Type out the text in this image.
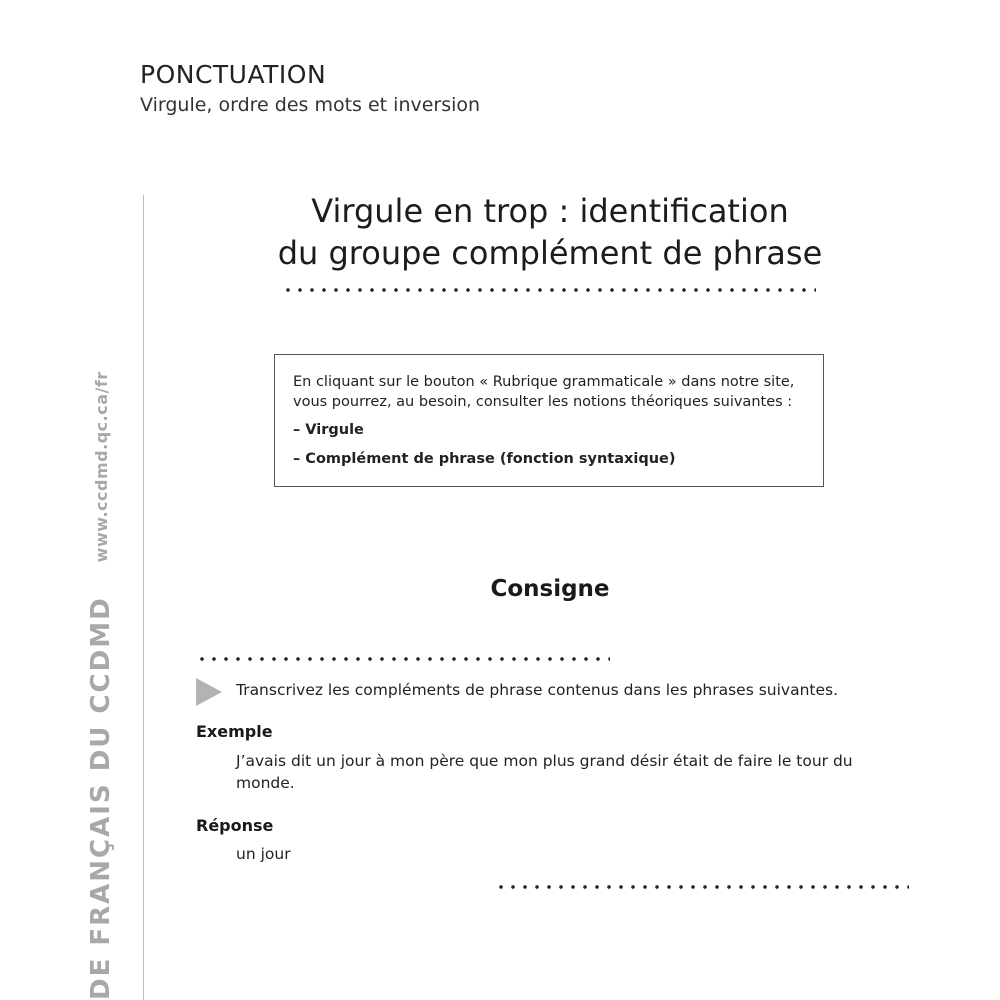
PONCTUATION
Virgule, ordre des mots et inversion
DE FRANÇAIS DU CCDMDwww.ccdmd.qc.ca/fr
Virgule en trop : identification
du groupe complément de phrase

En cliquant sur le bouton « Rubrique grammaticale » dans notre site, vous pourrez, au besoin, consulter les notions théoriques suivantes :

– Virgule

– Complément de phrase (fonction syntaxique)

Consigne
Transcrivez les compléments de phrase contenus dans les phrases suivantes.
Exemple
J’avais dit un jour à mon père que mon plus grand désir était de faire le tour du monde.
Réponse
un jour
